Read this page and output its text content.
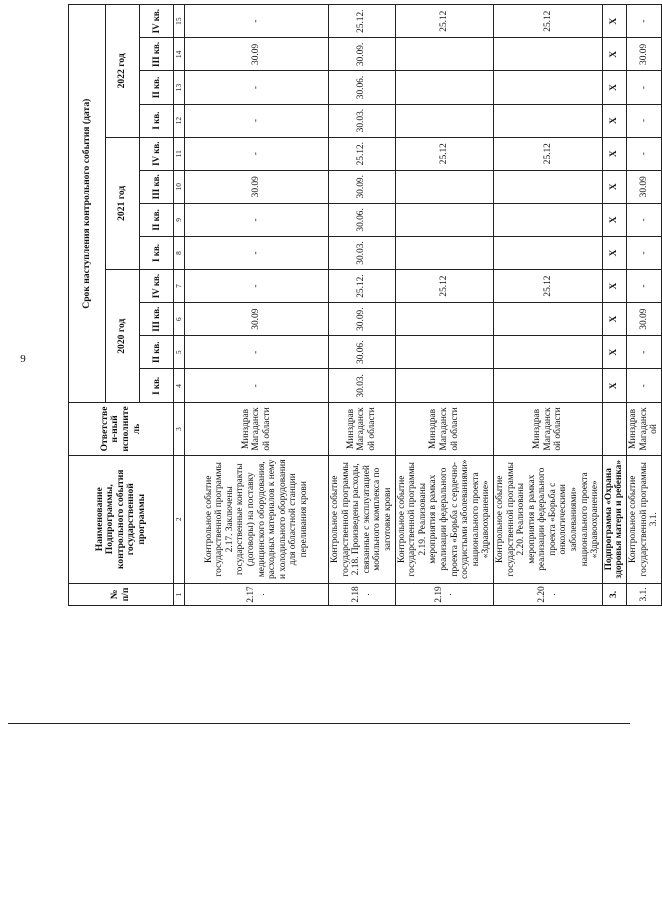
9
№ п/п	Наименование Подпрограммы, контрольного события государственной программы	Ответствен-ный исполнитель	Срок наступления контрольного события (дата)											
			2020 год				2021 год				2022 год			
			I кв.	II кв.	III кв.	IV кв.	I кв.	II кв.	III кв.	IV кв.	I кв.	II кв.	III кв.	IV кв.
1	2	3	4	5	6	7	8	9	10	11	12	13	14	15
2.17.	Контрольное событие государственной программы 2.17. Заключены государственные контракты (договоры) на поставку медицинского оборудования, расходных материалов к нему и холодильного оборудования для областной станции переливания крови	Минздрав Магаданской области	-	-	30.09	-	-	-	30.09	-	-	-	30.09	-
2.18.	Контрольное событие государственной программы 2.18. Произведены расходы, связанные с эксплуатацией мобильного комплекса по заготовке крови	Минздрав Магаданской области	30.03.	30.06.	30.09.	25.12.	30.03.	30.06.	30.09.	25.12.	30.03.	30.06.	30.09.	25.12.
2.19.	Контрольное событие государственной программы 2.19. Реализованы мероприятия в рамках реализации федерального проекта «Борьба с сердечно-сосудистыми заболеваниями» национального проекта «Здравоохранение»	Минздрав Магаданской области				25.12				25.12				25.12
2.20.	Контрольное событие государственной программы 2.20. Реализованы мероприятия в рамках реализации федерального проекта «Борьба с онкологическими заболеваниями» национального проекта «Здравоохранение»	Минздрав Магаданской области				25.12				25.12				25.12
3.	Подпрограмма «Охрана здоровья матери и ребенка»		X	X	X	X	X	X	X	X	X	X	X	X
3.1.	Контрольное событие государственной программы 3.1.	Минздрав Магаданской	-	-	30.09	-	-	-	30.09	-	-	-	30.09	-
